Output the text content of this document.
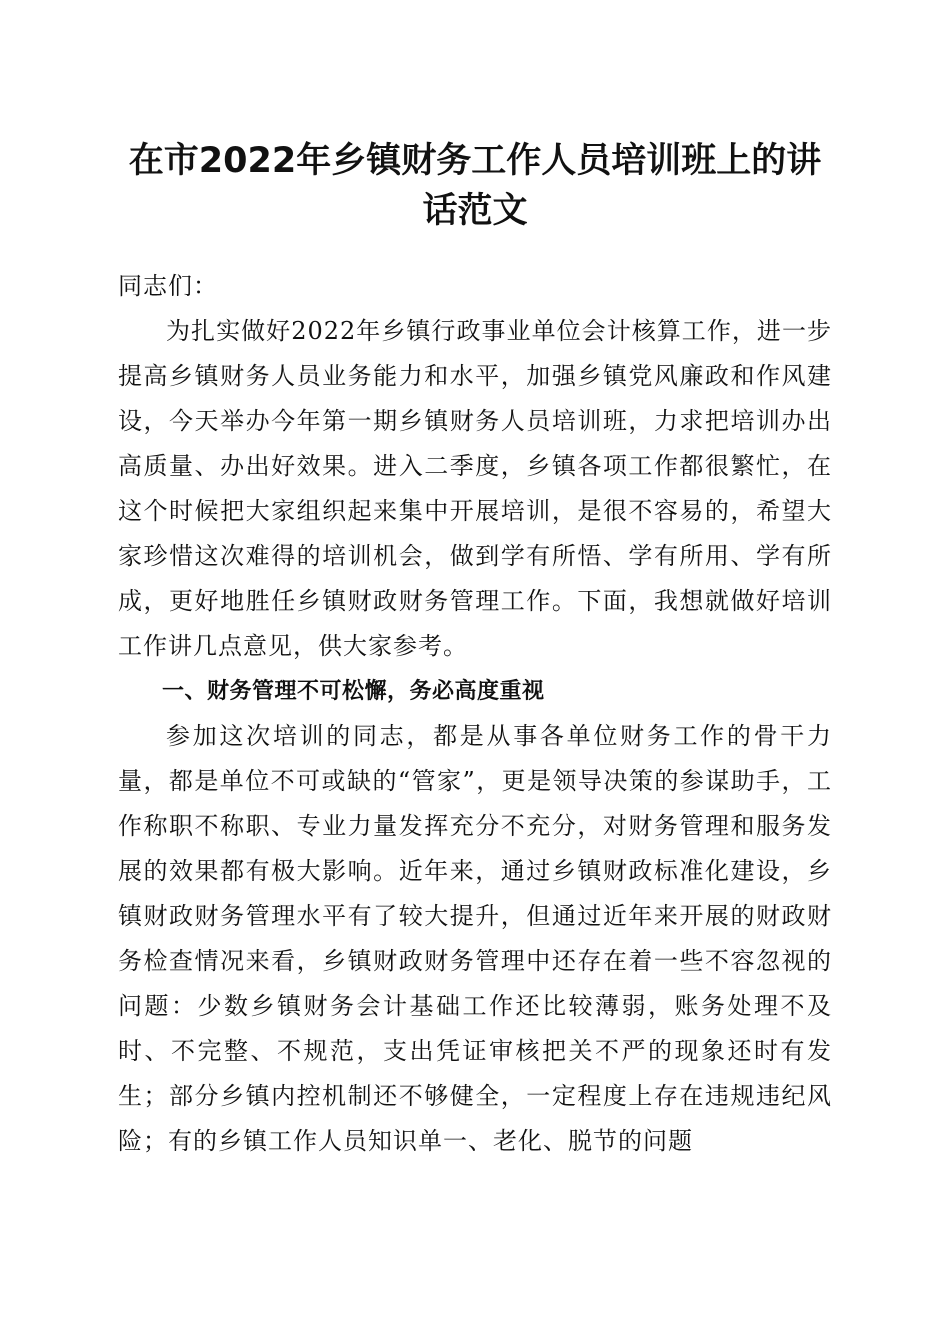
在市2022年乡镇财务工作人员培训班上的讲话范文

同志们：

为扎实做好2022年乡镇行政事业单位会计核算工作，进一步提高乡镇财务人员业务能力和水平，加强乡镇党风廉政和作风建设，今天举办今年第一期乡镇财务人员培训班，力求把培训办出高质量、办出好效果。进入二季度，乡镇各项工作都很繁忙，在这个时候把大家组织起来集中开展培训，是很不容易的，希望大家珍惜这次难得的培训机会，做到学有所悟、学有所用、学有所成，更好地胜任乡镇财政财务管理工作。下面，我想就做好培训工作讲几点意见，供大家参考。

一、财务管理不可松懈，务必高度重视

参加这次培训的同志，都是从事各单位财务工作的骨干力量，都是单位不可或缺的“管家”，更是领导决策的参谋助手，工作称职不称职、专业力量发挥充分不充分，对财务管理和服务发展的效果都有极大影响。近年来，通过乡镇财政标准化建设，乡镇财政财务管理水平有了较大提升，但通过近年来开展的财政财务检查情况来看，乡镇财政财务管理中还存在着一些不容忽视的问题：少数乡镇财务会计基础工作还比较薄弱，账务处理不及时、不完整、不规范，支出凭证审核把关不严的现象还时有发生；部分乡镇内控机制还不够健全，一定程度上存在违规违纪风险；有的乡镇工作人员知识单一、老化、脱节的问题
